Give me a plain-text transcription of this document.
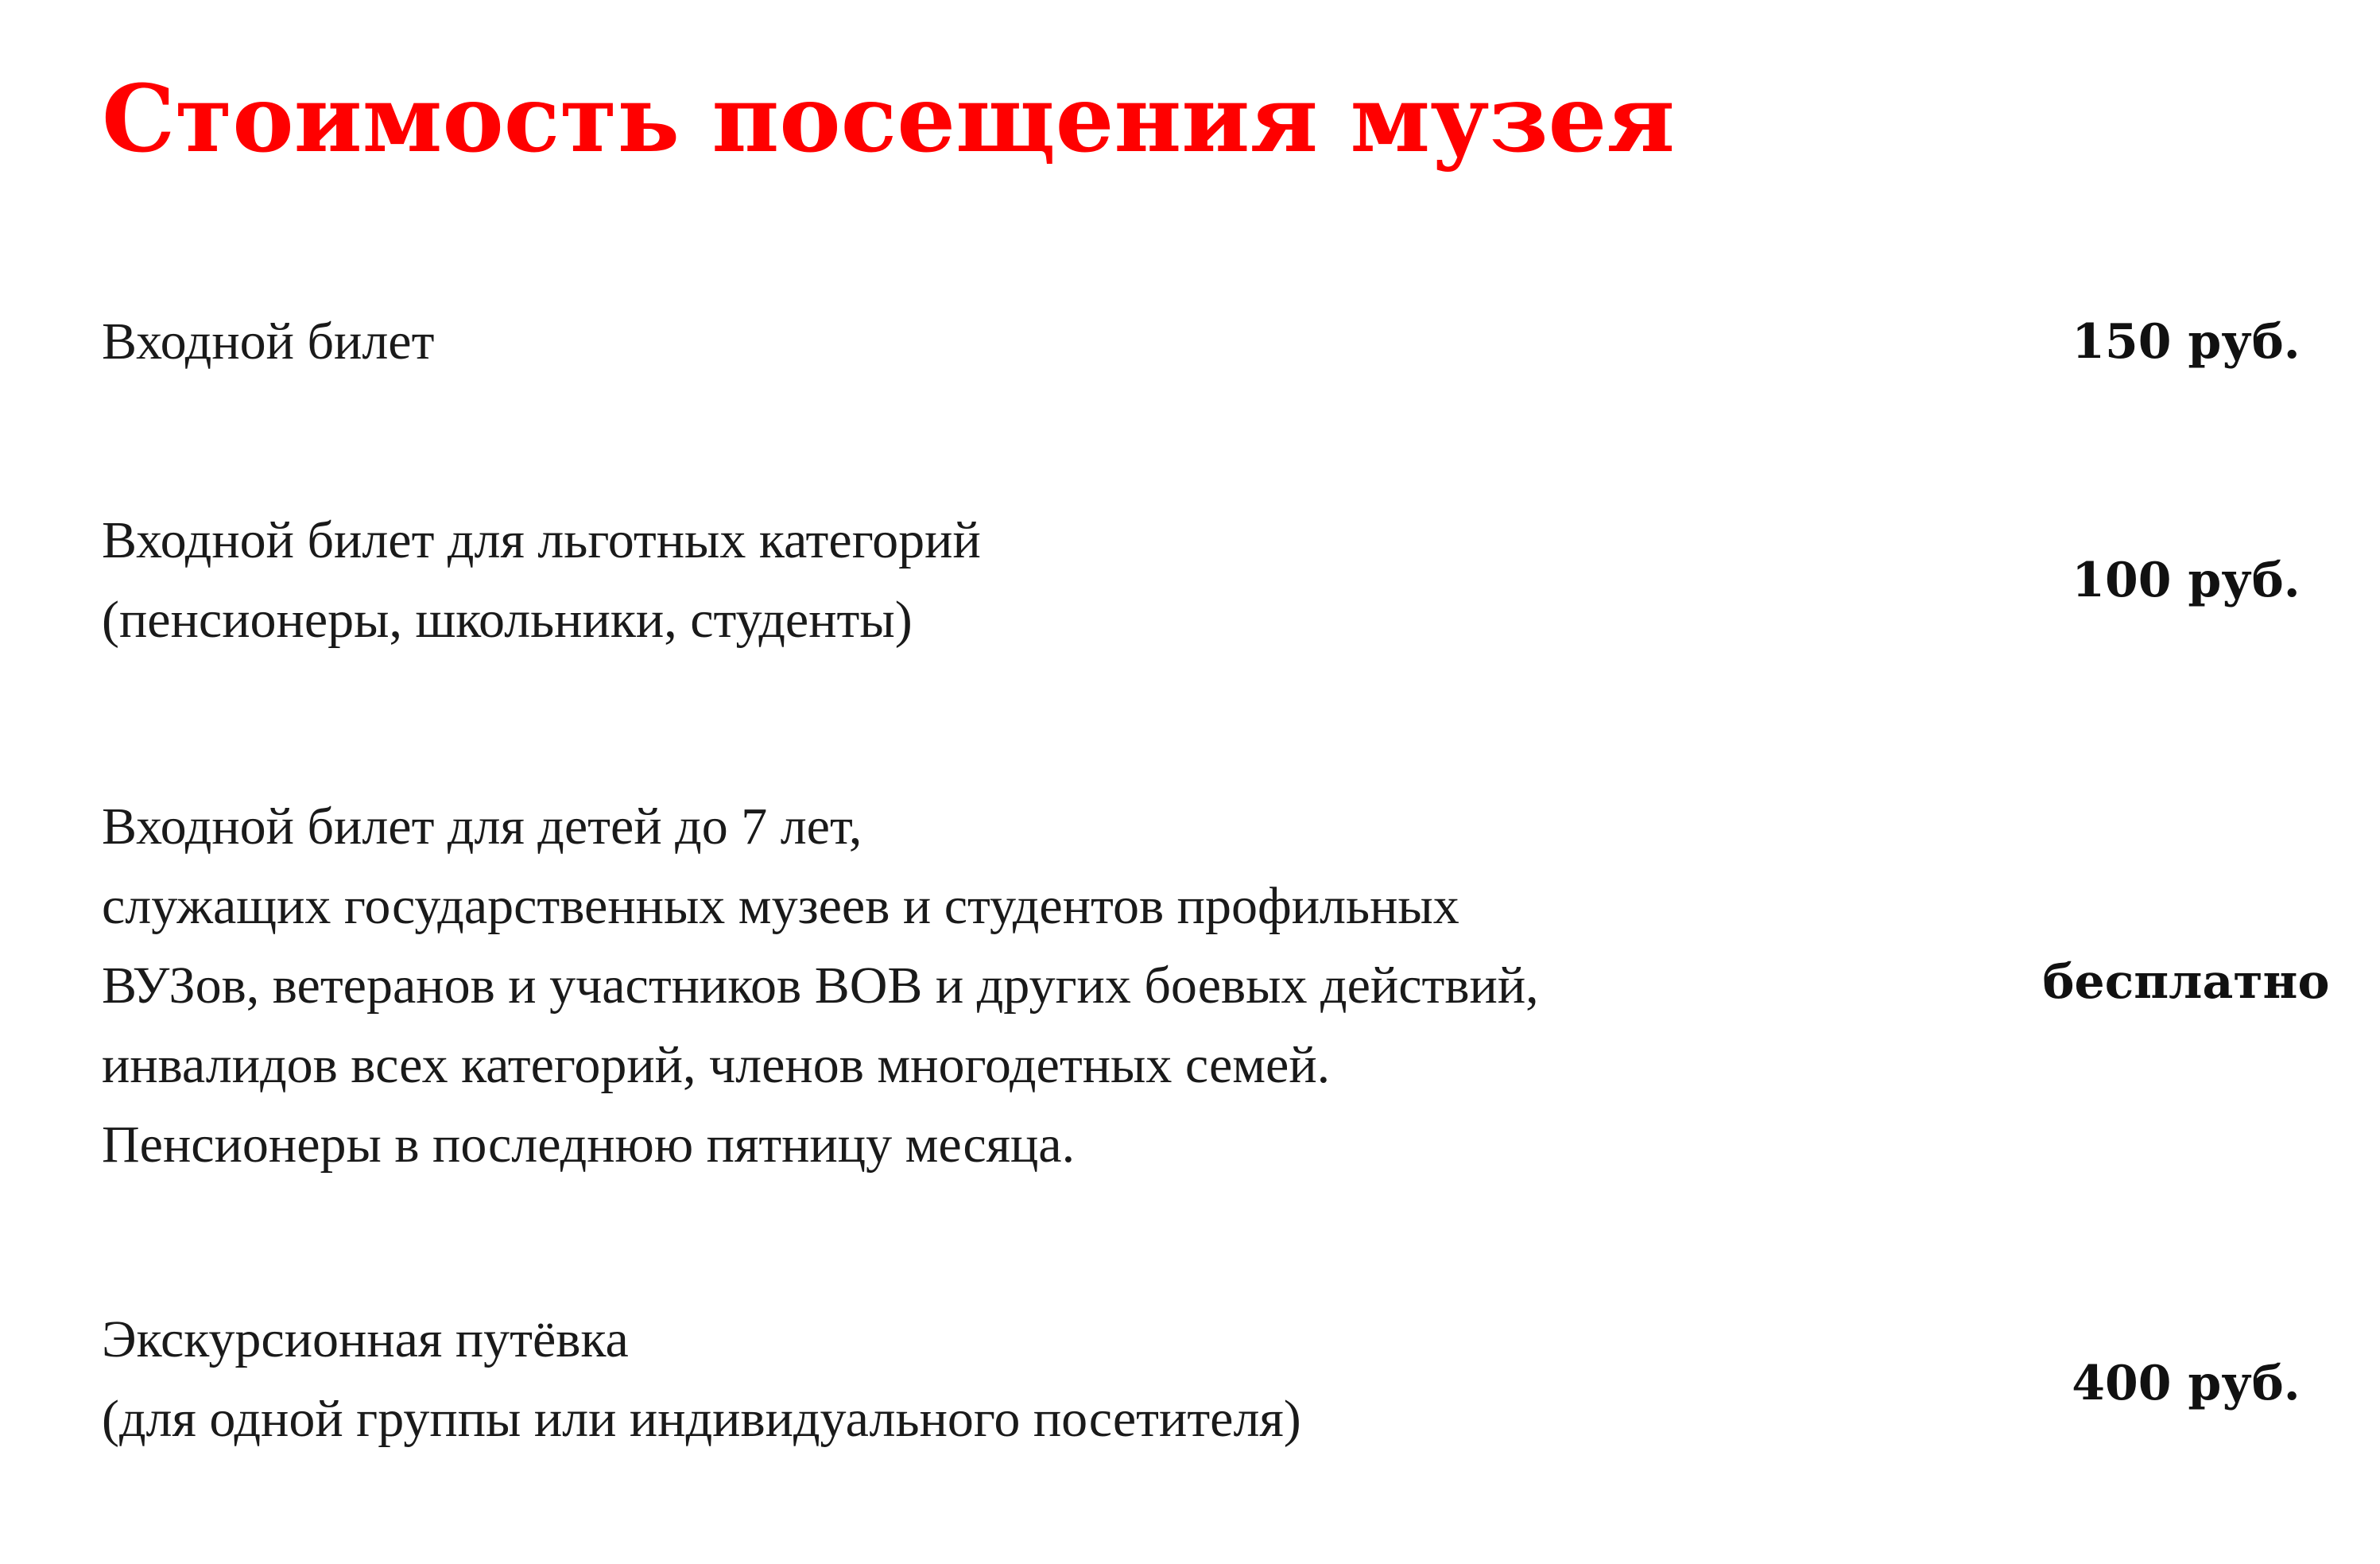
Стоимость посещения музея
Входной билет	150 руб.
Входной билет для льготных категорий
(пенсионеры, школьники, студенты)
100 руб.
Входной билет для детей до 7 лет,
служащих государственных музеев и студентов профильных
ВУЗов, ветеранов и участников ВОВ и других боевых действий,
инвалидов всех категорий, членов многодетных семей.
Пенсионеры в последнюю пятницу месяца.
бесплатно
Экскурсионная путёвка
(для одной группы или индивидуального посетителя)
400 руб.
